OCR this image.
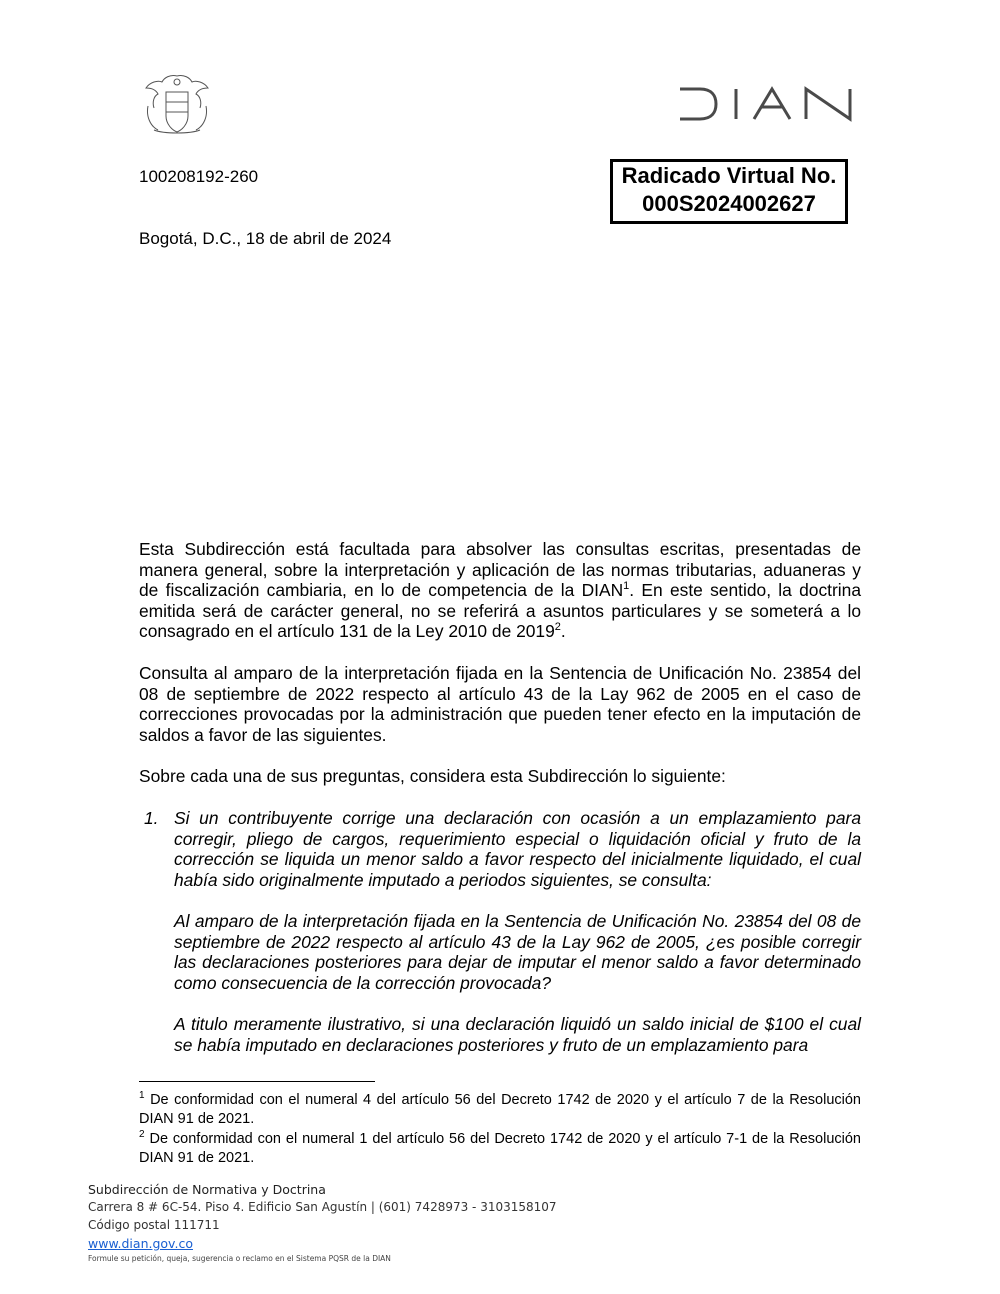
100208192-260	Radicado Virtual No.
000S2024002627
Bogotá, D.C., 18 de abril de 2024

Esta Subdirección está facultada para absolver las consultas escritas, presentadas de manera general, sobre la interpretación y aplicación de las normas tributarias, aduaneras y de fiscalización cambiaria, en lo de competencia de la DIAN$^1$. En este sentido, la doctrina emitida será de carácter general, no se referirá a asuntos particulares y se someterá a lo consagrado en el artículo 131 de la Ley 2010 de 2019$^2$.

Consulta al amparo de la interpretación fijada en la Sentencia de Unificación No. 23854 del 08 de septiembre de 2022 respecto al artículo 43 de la Lay 962 de 2005 en el caso de correcciones provocadas por la administración que pueden tener efecto en la imputación de saldos a favor de las siguientes.

Sobre cada una de sus preguntas, considera esta Subdirección lo siguiente:

1. Si un contribuyente corrige una declaración con ocasión a un emplazamiento para corregir, pliego de cargos, requerimiento especial o liquidación oficial y fruto de la corrección se liquida un menor saldo a favor respecto del inicialmente liquidado, el cual había sido originalmente imputado a periodos siguientes, se consulta:

Al amparo de la interpretación fijada en la Sentencia de Unificación No. 23854 del 08 de septiembre de 2022 respecto al artículo 43 de la Lay 962 de 2005, ¿es posible corregir las declaraciones posteriores para dejar de imputar el menor saldo a favor determinado como consecuencia de la corrección provocada?

A titulo meramente ilustrativo, si una declaración liquidó un saldo inicial de $100 el cual se había imputado en declaraciones posteriores y fruto de un emplazamiento para

$^1$ De conformidad con el numeral 4 del artículo 56 del Decreto 1742 de 2020 y el artículo 7 de la Resolución DIAN 91 de 2021.

$^2$ De conformidad con el numeral 1 del artículo 56 del Decreto 1742 de 2020 y el artículo 7-1 de la Resolución DIAN 91 de 2021.

Subdirección de Normativa y Doctrina

Carrera 8 # 6C-54. Piso 4. Edificio San Agustín | (601) 7428973 - 3103158107

Código postal 111711

www.dian.gov.co

Formule su petición, queja, sugerencia o reclamo en el Sistema PQSR de la DIAN
